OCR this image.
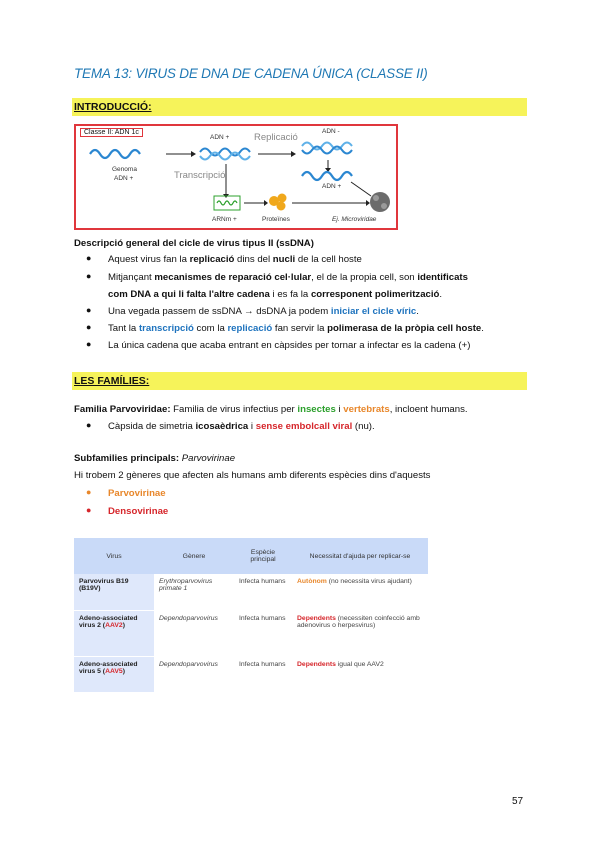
TEMA 13: VIRUS DE DNA DE CADENA ÚNICA (CLASSE II)
INTRODUCCIÓ:
Classe II: ADN 1c
ADN +	Replicació
ADN -
Transcripció
Genoma
ADN +
ADN +
ARNm +	Proteïnes	Ej. Microviridae
Descripció general del cicle de virus tipus II (ssDNA)
● Aquest virus fan la replicació dins del nucli de la cell hoste
● Mitjançant mecanismes de reparació cel·lular, el de la propia cell, son identificats
com DNA a qui li falta l'altre cadena i es fa la corresponent polimerització.
● Una vegada passem de ssDNA → dsDNA ja podem iniciar el cicle víric.
● Tant la transcripció com la replicació fan servir la polimerasa de la pròpia cell hoste.
● La única cadena que acaba entrant en càpsides per tornar a infectar es la cadena (+)
LES FAMÍLIES:
Familia Parvoviridae: Familia de virus infectius per insectes i vertebrats, incloent humans.
● Càpsida de simetria icosaèdrica i sense embolcall viral (nu).
Subfamilies principals: Parvovirinae
Hi trobem 2 gèneres que afecten als humans amb diferents espècies dins d'aquests
● Parvovirinae
● Densovirinae
Virus	Gènere	Espècie principal	Necessitat d'ajuda per replicar-se
Parvovirus B19 (B19V)	Erythroparvovirus primate 1	Infecta humans	Autònom (no necessita virus ajudant)
Adeno-associated virus 2 (AAV2)	Dependoparvovirus	Infecta humans	Dependents (necessiten coinfecció amb adenovirus o herpesvirus)
Adeno-associated virus 5 (AAV5)	Dependoparvovirus	Infecta humans	Dependents igual que AAV2
57
